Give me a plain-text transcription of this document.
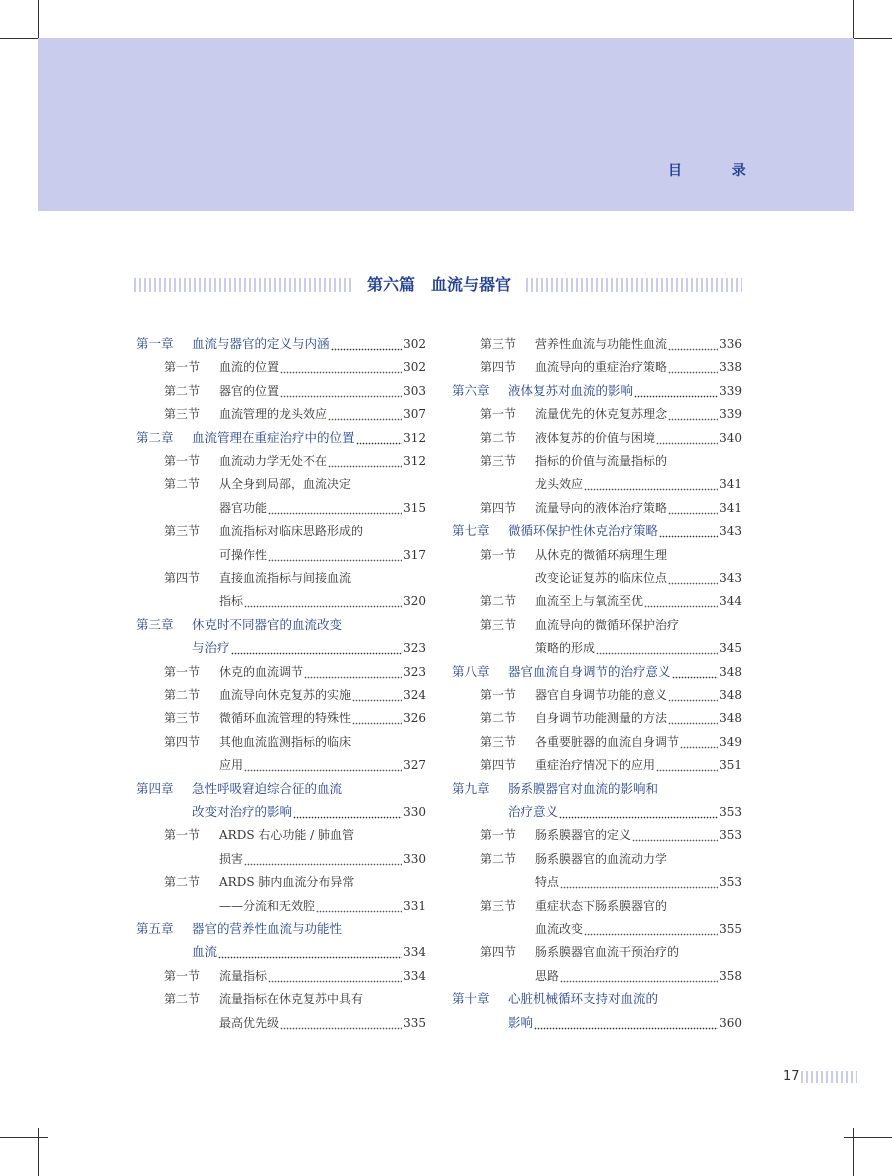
目	录
第六篇　血流与器官
第一章 血流与器官的定义与内涵	302
第一节 血流的位置	302
第二节 器官的位置	303
第三节 血流管理的龙头效应	307
第二章 血流管理在重症治疗中的位置	312
第一节 血流动力学无处不在	312
第二节 从全身到局部，血流决定
器官功能	315
第三节 血流指标对临床思路形成的
可操作性	317
第四节 直接血流指标与间接血流
指标	320
第三章 休克时不同器官的血流改变
与治疗	323
第一节 休克的血流调节	323
第二节 血流导向休克复苏的实施	324
第三节 微循环血流管理的特殊性	326
第四节 其他血流监测指标的临床
应用	327
第四章 急性呼吸窘迫综合征的血流
改变对治疗的影响	330
第一节 ARDS 右心功能 / 肺血管
损害	330
第二节 ARDS 肺内血流分布异常
——分流和无效腔	331
第五章 器官的营养性血流与功能性
血流	334
第一节 流量指标	334
第二节 流量指标在休克复苏中具有
最高优先级	335
第三节 营养性血流与功能性血流	336
第四节 血流导向的重症治疗策略	338
第六章 液体复苏对血流的影响	339
第一节 流量优先的休克复苏理念	339
第二节 液体复苏的价值与困境	340
第三节 指标的价值与流量指标的
龙头效应	341
第四节 流量导向的液体治疗策略	341
第七章 微循环保护性休克治疗策略	343
第一节 从休克的微循环病理生理
改变论证复苏的临床位点	343
第二节 血流至上与氧流至优	344
第三节 血流导向的微循环保护治疗
策略的形成	345
第八章 器官血流自身调节的治疗意义	348
第一节 器官自身调节功能的意义	348
第二节 自身调节功能测量的方法	348
第三节 各重要脏器的血流自身调节	349
第四节 重症治疗情况下的应用	351
第九章 肠系膜器官对血流的影响和
治疗意义	353
第一节 肠系膜器官的定义	353
第二节 肠系膜器官的血流动力学
特点	353
第三节 重症状态下肠系膜器官的
血流改变	355
第四节 肠系膜器官血流干预治疗的
思路	358
第十章 心脏机械循环支持对血流的
影响	360
17
